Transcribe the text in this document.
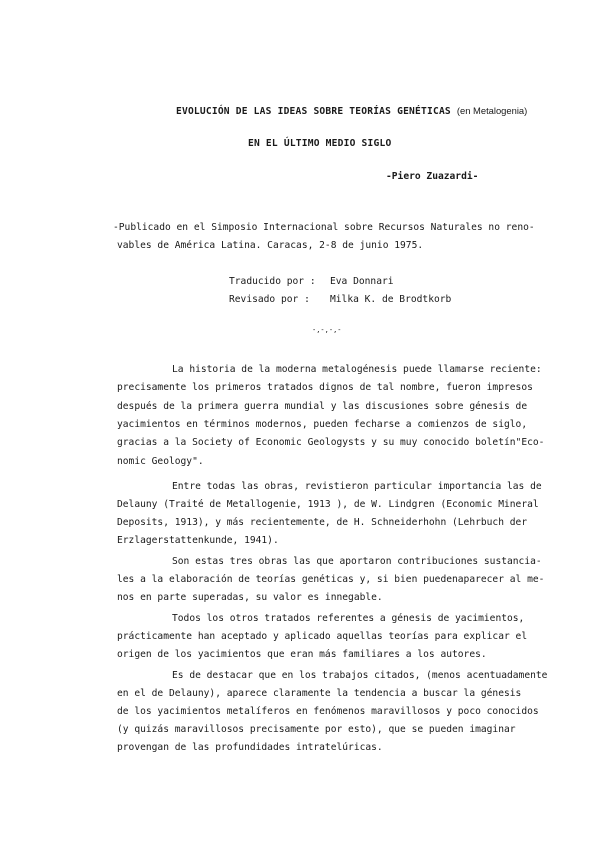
EVOLUCIÓN DE LAS IDEAS SOBRE TEORÍAS GENÉTICAS (en Metalogenia)
EN EL ÚLTIMO MEDIO SIGLO
-Piero Zuazardi-
-Publicado en el Simposio Internacional sobre Recursos Naturales no reno-
vables de América Latina. Caracas, 2-8 de junio 1975.
Traducido por : Eva Donnari
Revisado por : Milka K. de Brodtkorb
-,-,-,-
La historia de la moderna metalogénesis puede llamarse reciente:
precisamente los primeros tratados dignos de tal nombre, fueron impresos
después de la primera guerra mundial y las discusiones sobre génesis de
yacimientos en términos modernos, pueden fecharse a comienzos de siglo,
gracias a la Society of Economic Geologysts y su muy conocido boletín"Eco-
nomic Geology".
Entre todas las obras, revistieron particular importancia las de
Delauny (Traité de Metallogenie, 1913 ), de W. Lindgren (Economic Mineral
Deposits, 1913), y más recientemente, de H. Schneiderhohn (Lehrbuch der
Erzlagerstattenkunde, 1941).
Son estas tres obras las que aportaron contribuciones sustancia-
les a la elaboración de teorías genéticas y, si bien puedenaparecer al me-
nos en parte superadas, su valor es innegable.
Todos los otros tratados referentes a génesis de yacimientos,
prácticamente han aceptado y aplicado aquellas teorías para explicar el
origen de los yacimientos que eran más familiares a los autores.
Es de destacar que en los trabajos citados, (menos acentuadamente
en el de Delauny), aparece claramente la tendencia a buscar la génesis
de los yacimientos metalíferos en fenómenos maravillosos y poco conocidos
(y quizás maravillosos precisamente por esto), que se pueden imaginar
provengan de las profundidades intratelúricas.
